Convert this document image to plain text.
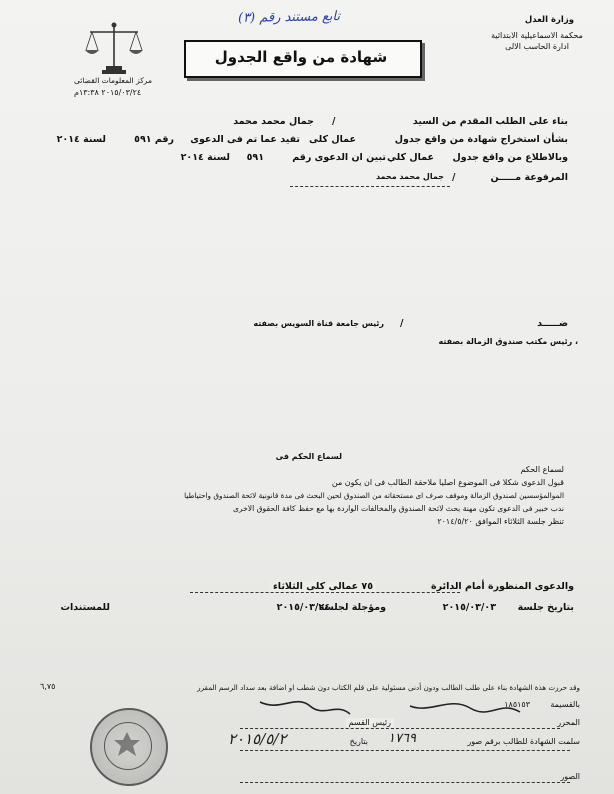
وزارة العدل
محكمة الاسماعيلية الابتدائية
ادارة الحاسب الالى
تابع مستند رقم (٣)
شهادة من واقع الجدول
مركز المعلومات القضائى
٢٠١٥/٠٣/٢٤ ١٣:٣٨م
بناء على الطلب المقدم من السيد
/
جمال محمد محمد
بشأن استخراج شهادة من واقع جدول
عمال كلى
تفيد عما تم فى الدعوى
رقم ٥٩١
لسنة ٢٠١٤
وبالاطلاع من واقع جدول
عمال كلي
تبين ان الدعوى رقم
٥٩١
لسنة ٢٠١٤
المرفوعة مـــــن
/
جمال محمد محمد
ضـــــد
/
رئيس جامعة قناة السويس بصفته
، رئيس مكتب صندوق الزمالة بصفته
لسماع الحكم فى
لسماع الحكم
قبول الدعوى شكلا فى الموضوع اصليا ملاحقة الطالب فى ان يكون من
الموالمؤسسين لصندوق الزمالة وموقف صرف اى مستحقاته من الصندوق لحين البحث فى مدة قانونية لائحة الصندوق واحتياطيا
ندب خبير فى الدعوى تكون مهنة بحث لائحة الصندوق والمخالفات الواردة بها مع حفظ كافة الحقوق الاخرى
تنظر جلسة الثلاثاء الموافق ٢٠١٤/٥/٢٠
والدعوى المنظورة أمام الدائرة
٧٥ عمالى كلى الثلاثاء
بتاريخ جلسة
٢٠١٥/٠٣/٠٣
ومؤجلة لجلسة
٢٠١٥/٠٣/٢٤
للمستندات
وقد حررت هذة الشهادة بناء على طلب الطالب ودون أدنى مسئولية على قلم الكتاب دون شطب او اضافة بعد سداد الرسم المقرر
٦,٧٥
بالقسيمة
١٨٥١٥٣
المحرر
رئيس القسم
سلمت الشهادة للطالب برقم صور
١٧٦٩
بتاريخ
٢٠١٥/٥/٢
الصور
